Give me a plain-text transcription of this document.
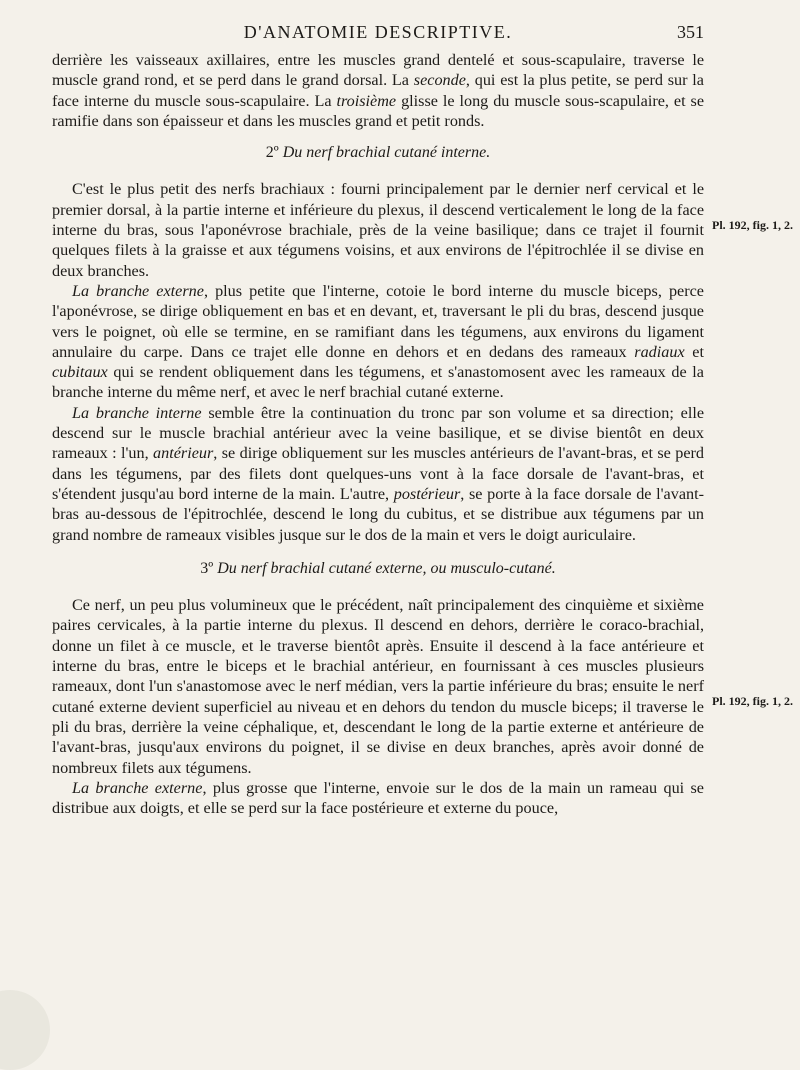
D'ANATOMIE DESCRIPTIVE.	351

derrière les vaisseaux axillaires, entre les muscles grand dentelé et sous-scapulaire, traverse le muscle grand rond, et se perd dans le grand dorsal. La seconde, qui est la plus petite, se perd sur la face interne du muscle sous-scapulaire. La troisième glisse le long du muscle sous-scapulaire, et se ramifie dans son épaisseur et dans les muscles grand et petit ronds.

2º Du nerf brachial cutané interne.

C'est le plus petit des nerfs brachiaux : fourni principalement par le dernier nerf cervical et le premier dorsal, à la partie interne et inférieure du plexus, il descend verticalement le long de la face interne du bras, sous l'aponévrose brachiale, près de la veine basilique; dans ce trajet il fournit quelques filets à la graisse et aux tégumens voisins, et aux environs de l'épitrochlée il se divise en deux branches.

La branche externe, plus petite que l'interne, cotoie le bord interne du muscle biceps, perce l'aponévrose, se dirige obliquement en bas et en devant, et, traversant le pli du bras, descend jusque vers le poignet, où elle se termine, en se ramifiant dans les tégumens, aux environs du ligament annulaire du carpe. Dans ce trajet elle donne en dehors et en dedans des rameaux radiaux et cubitaux qui se rendent obliquement dans les tégumens, et s'anastomosent avec les rameaux de la branche interne du même nerf, et avec le nerf brachial cutané externe.

La branche interne semble être la continuation du tronc par son volume et sa direction; elle descend sur le muscle brachial antérieur avec la veine basilique, et se divise bientôt en deux rameaux : l'un, antérieur, se dirige obliquement sur les muscles antérieurs de l'avant-bras, et se perd dans les tégumens, par des filets dont quelques-uns vont à la face dorsale de l'avant-bras, et s'étendent jusqu'au bord interne de la main. L'autre, postérieur, se porte à la face dorsale de l'avant-bras au-dessous de l'épitrochlée, descend le long du cubitus, et se distribue aux tégumens par un grand nombre de rameaux visibles jusque sur le dos de la main et vers le doigt auriculaire.

3º Du nerf brachial cutané externe, ou musculo-cutané.

Ce nerf, un peu plus volumineux que le précédent, naît principalement des cinquième et sixième paires cervicales, à la partie interne du plexus. Il descend en dehors, derrière le coraco-brachial, donne un filet à ce muscle, et le traverse bientôt après. Ensuite il descend à la face antérieure et interne du bras, entre le biceps et le brachial antérieur, en fournissant à ces muscles plusieurs rameaux, dont l'un s'anastomose avec le nerf médian, vers la partie inférieure du bras; ensuite le nerf cutané externe devient superficiel au niveau et en dehors du tendon du muscle biceps; il traverse le pli du bras, derrière la veine céphalique, et, descendant le long de la partie externe et antérieure de l'avant-bras, jusqu'aux environs du poignet, il se divise en deux branches, après avoir donné de nombreux filets aux tégumens.

La branche externe, plus grosse que l'interne, envoie sur le dos de la main un rameau qui se distribue aux doigts, et elle se perd sur la face postérieure et externe du pouce,

Pl. 192, fig. 1, 2.
Pl. 192, fig. 1, 2.
